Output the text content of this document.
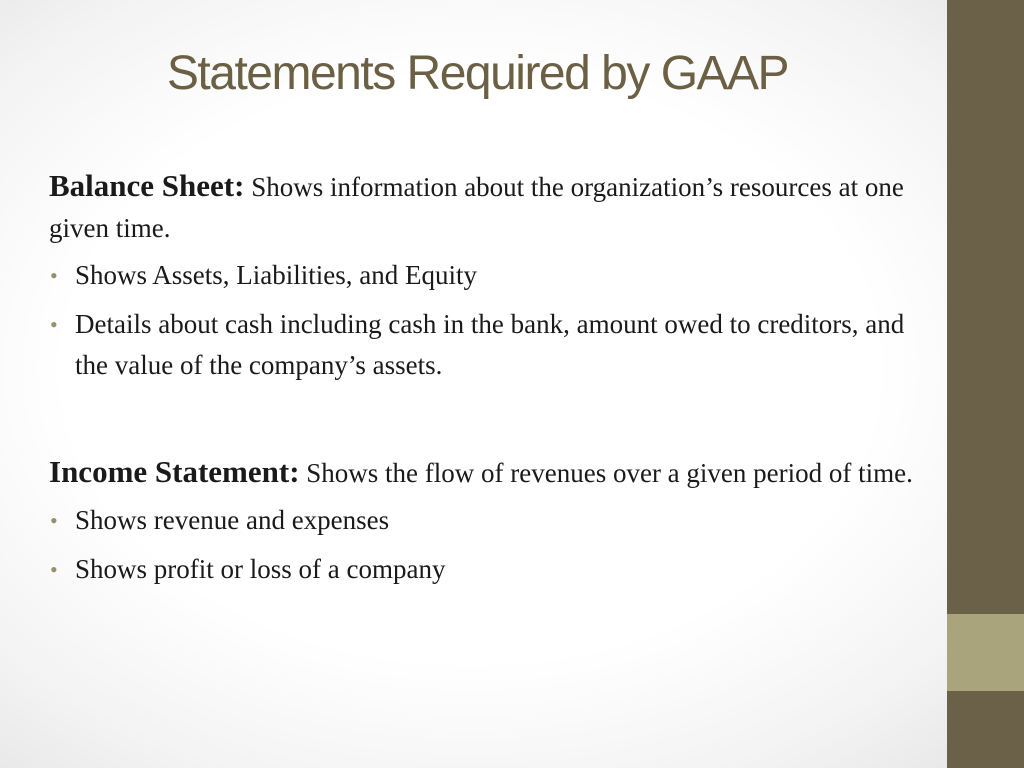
Statements Required by GAAP

Balance Sheet: Shows information about the organization’s resources at one given time.

• Shows Assets, Liabilities, and Equity
• Details about cash including cash in the bank, amount owed to creditors, and the value of the company’s assets.

Income Statement: Shows the flow of revenues over a given period of time.

• Shows revenue and expenses
• Shows profit or loss of a company
